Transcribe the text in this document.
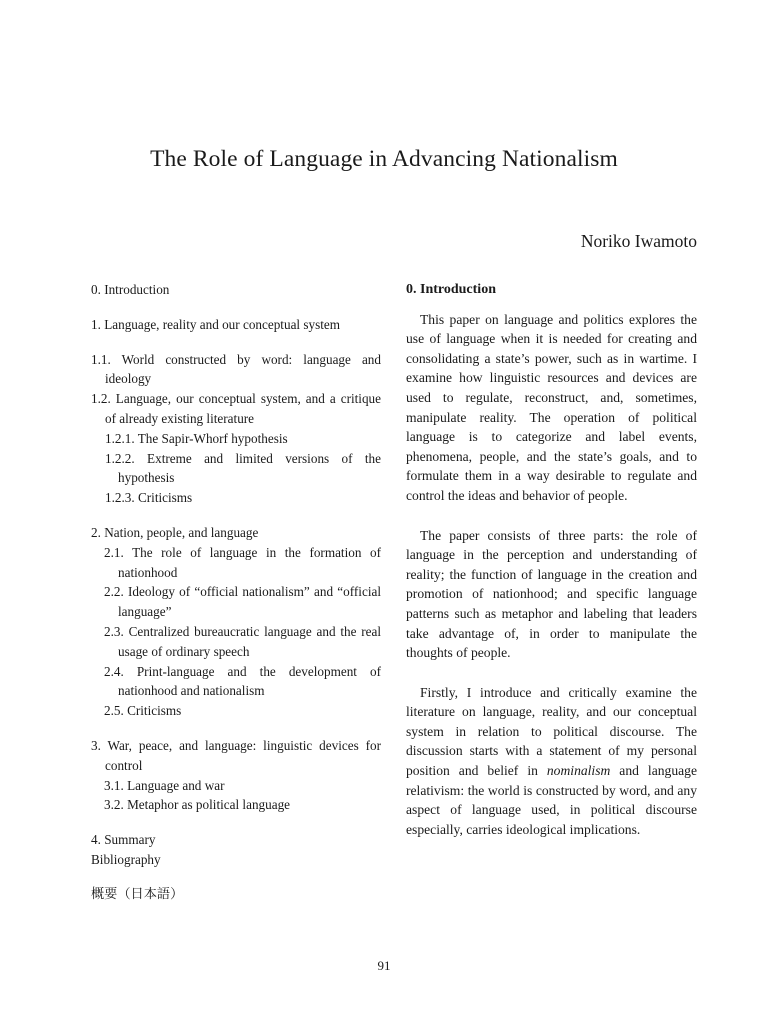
The Role of Language in Advancing Nationalism

Noriko Iwamoto

0. Introduction
1. Language, reality and our conceptual system
1.1. World constructed by word: language and ideology
1.2. Language, our conceptual system, and a critique of already existing literature
1.2.1. The Sapir-Whorf hypothesis
1.2.2. Extreme and limited versions of the hypothesis
1.2.3. Criticisms
2. Nation, people, and language
2.1. The role of language in the formation of nationhood
2.2. Ideology of “official nationalism” and “official language”
2.3. Centralized bureaucratic language and the real usage of ordinary speech
2.4. Print-language and the development of nationhood and nationalism
2.5. Criticisms
3. War, peace, and language: linguistic devices for control
3.1. Language and war
3.2. Metaphor as political language
4. Summary
Bibliography
概要（日本語）
0. Introduction

This paper on language and politics explores the use of language when it is needed for creating and consolidating a state’s power, such as in wartime. I examine how linguistic resources and devices are used to regulate, reconstruct, and, sometimes, manipulate reality. The operation of political language is to categorize and label events, phenomena, people, and the state’s goals, and to formulate them in a way desirable to regulate and control the ideas and behavior of people.

The paper consists of three parts: the role of language in the perception and understanding of reality; the function of language in the creation and promotion of nationhood; and specific language patterns such as metaphor and labeling that leaders take advantage of, in order to manipulate the thoughts of people.

Firstly, I introduce and critically examine the literature on language, reality, and our conceptual system in relation to political discourse. The discussion starts with a statement of my personal position and belief in nominalism and language relativism: the world is constructed by word, and any aspect of language used, in political discourse especially, carries ideological implications.

91
